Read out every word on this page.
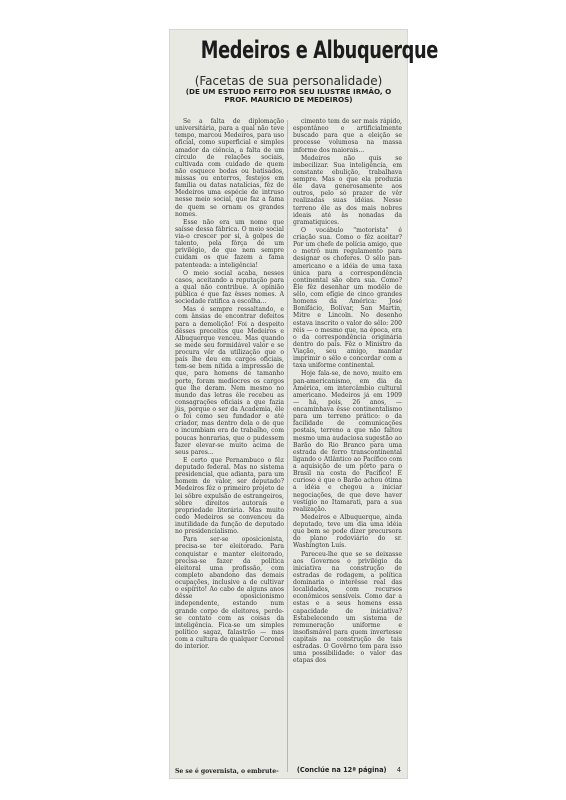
Medeiros e Albuquerque
(Facetas de sua personalidade)
(DE UM ESTUDO FEITO POR SEU ILUSTRE IRMÃO, O PROF. MAURÍCIO DE MEDEIROS)

Se a falta de diplomação universitária, para a qual não teve tempo, marcou Medeiros, para uso oficial, como superficial e simples amador da ciência, a falta de um círculo de relações sociais, cultivada com cuidado de quem não esquece bodas ou batisados, missas ou enterros, festejos em família ou datas natalícias, fêz de Medeiros uma espécie de intruso nesse meio social, que faz a fama de quem se ornam os grandes nomes.

Esse não era um nome que saísse dessa fábrica. O meio social via-o crescer por si, à golpes de talento, pela fôrça de um privilégio, de que nem sempre cuidam os que fazem a fama patenteada: a inteligência!

O meio social acaba, nesses casos, aceitando a reputação para a qual não contribue. A opinião pública é que faz êsses nomes. A sociedade ratifica a escolha...

Mas é sempre ressaltando, e com ânsias de encontrar defeitos para a demolição! Foi a despeito dêsses preceitos que Medeiros e Albuquerque venceu. Mas quando se mede seu formidável valor e se procura vêr da utilização que o país lhe deu em cargos oficiais, tem-se bem nítida a impressão de que, para homens de tamanho porte, foram medíocres os cargos que lhe deram. Nem mesmo no mundo das letras êle recebeu as consagrações oficiais a que fazia jús, porque o ser da Academia, êle o foi como seu fundador e até criador, mas dentro dela o de que o incumbiam era de trabalho, com poucas honrarias, que o pudessem fazer elevar-se muito acima de seus pares...

E certo que Pernambuco o fêz deputado federal. Mas no sistema presidencial, que adianta, para um homem de valor, ser deputado? Medeiros fêz o primeiro projeto de lei sôbre expulsão de estrangeiros, sôbre direitos autorais e propriedade literária. Mas muito cedo Medeiros se convenceu da inutilidade da função de deputado no presidencialismo.

Para ser-se oposicionista, precisa-se ter eleitorado. Para conquistar e manter eleitorado, precisa-se fazer da política eleitoral uma profissão, com completo abandono das demais ocupações, inclusive a de cultivar o espírito! Ao cabo de alguns anos dêsse oposicionismo independente, estando num grande corpo de eleitores, perde-se contato com as coisas da inteligência. Fica-se um simples político sagaz, falastrão — mas com a cultura de qualquer Coronel do interior.

Se se é governista, o embrute-

cimento tem de ser mais rápido, espontâneo e artificialmente buscado para que a eleição se processe volumosa na massa informe dos maiorais...

Medeiros não quis se imbecilizar. Sua inteligência, em constante ebulição, trabalhava sempre. Mas o que ela produzia êle dava generosamente aos outros, pelo só prazer de vêr realizadas suas idéias. Nesse terreno êle as dos mais nobres ideais até às nonadas da gramatiquices.

O vocábulo "motorista" é criação sua. Como o fêz aceitar? Por um chefe de polícia amigo, que o metrô num regulamento para designar os choferes. O sêlo pan-americano e a idéia de uma taxa única para a correspondência continental são obra sua. Como? Êle fêz desenhar um modêlo de sêlo, com efígie de cinco grandes homens da América: José Bonifácio, Bolívar, San Martin, Mitre e Lincoln. No desenho estava inscrito o valor do sêlo: 200 réis — o mesmo que, na época, era o da correspondência originária dentro do país. Fêz o Ministro da Viação, seu amigo, mandar imprimir o sêlo e concordar com a taxa uniforme continental.

Hoje fala-se, de novo, muito em pan-americanismo, em dia da América, em intercâmbio cultural americano. Medeiros já em 1909 — há, pois, 26 anos, — encaminhava êsse continentalismo para um terreno prático: o da facilidade de comunicações postais, terreno a que não faltou mesmo uma audaciosa sugestão ao Barão do Rio Branco para uma estrada de ferro transcontinental ligando o Atlântico ao Pacífico com a aquisição de um pôrto para o Brasil na costa do Pacífico! É curioso é que o Barão achou ótima a idéia e chegou a iniciar negociações, de que deve haver vestígio no Itamarati, para a sua realização.

Medeiros e Albuquerque, ainda deputado, teve um dia uma idéia que bem se pode dizer precursora do plano rodoviário do sr. Washington Luís.

Pareceu-lhe que se se deixasse aos Governos o privilégio da iniciativa na construção de estradas de rodagem, a política dominaria o interêsse real das localidades, com recursos econômicos sensíveis. Como dar a estas e a seus homens essa capacidade de iniciativa? Estabelecendo um sistema de remuneração uniforme e insofismável para quem invertesse capitais na construção de tais estradas. O Govêrno tem para isso uma possibilidade: o valor das etapas dos

(Conclúe na 12ª página) 4
